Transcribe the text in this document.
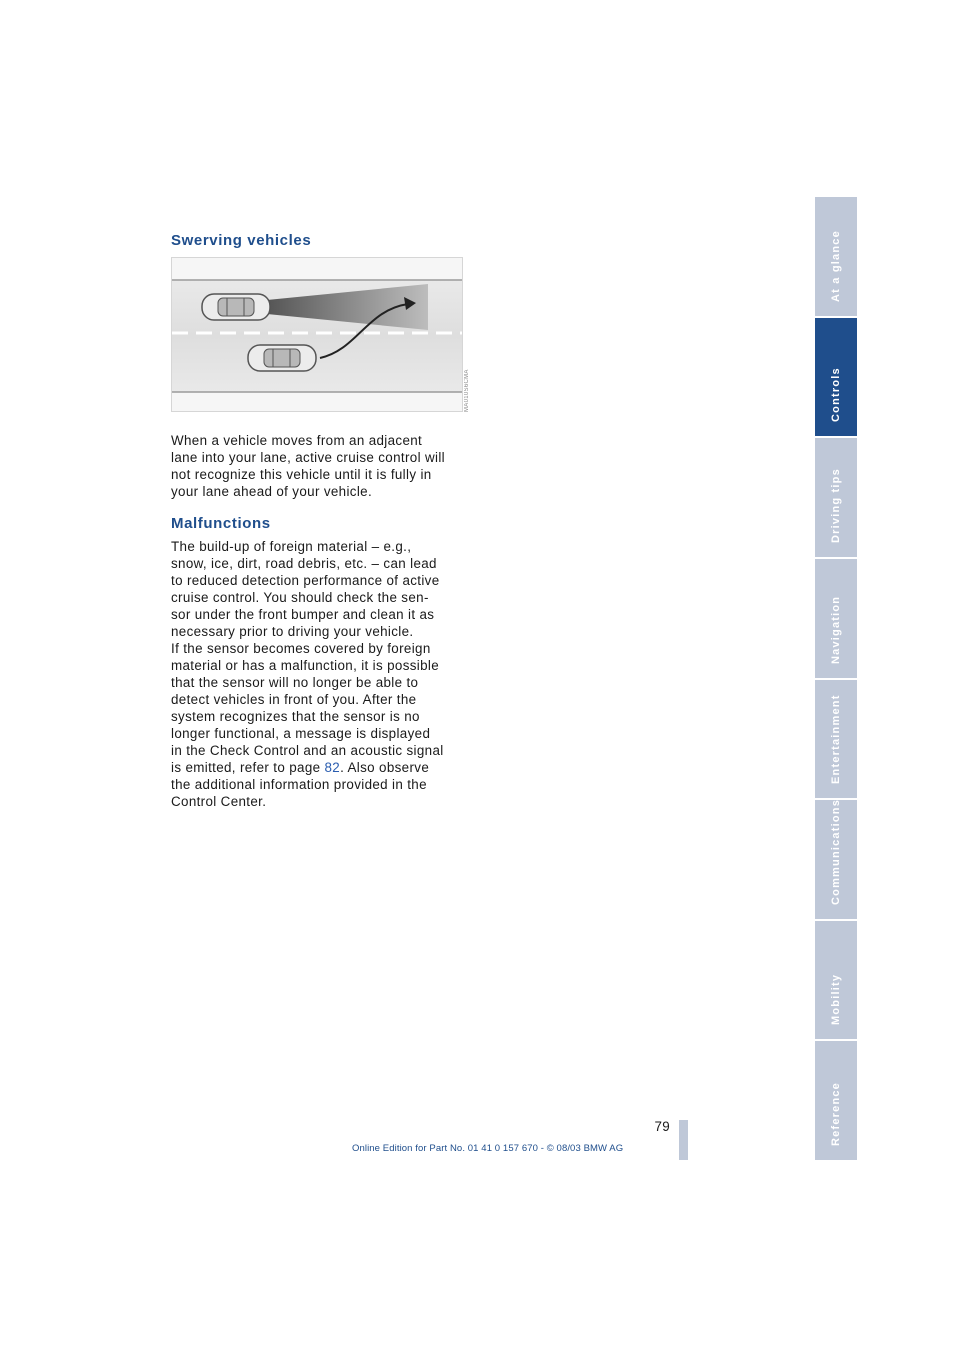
Swerving vehicles
MA010S6CMA

When a vehicle moves from an adjacent
lane into your lane, active cruise control will
not recognize this vehicle until it is fully in
your lane ahead of your vehicle.

Malfunctions

The build-up of foreign material – e.g.,
snow, ice, dirt, road debris, etc. – can lead
to reduced detection performance of active
cruise control. You should check the sen-
sor under the front bumper and clean it as
necessary prior to driving your vehicle.
If the sensor becomes covered by foreign
material or has a malfunction, it is possible
that the sensor will no longer be able to
detect vehicles in front of you. After the
system recognizes that the sensor is no
longer functional, a message is displayed
in the Check Control and an acoustic signal
is emitted, refer to page 82. Also observe
the additional information provided in the
Control Center.

At a glance
Controls
Driving tips
Navigation
Entertainment
Communications
Mobility
Reference
79
Online Edition for Part No. 01 41 0 157 670 - © 08/03 BMW AG
